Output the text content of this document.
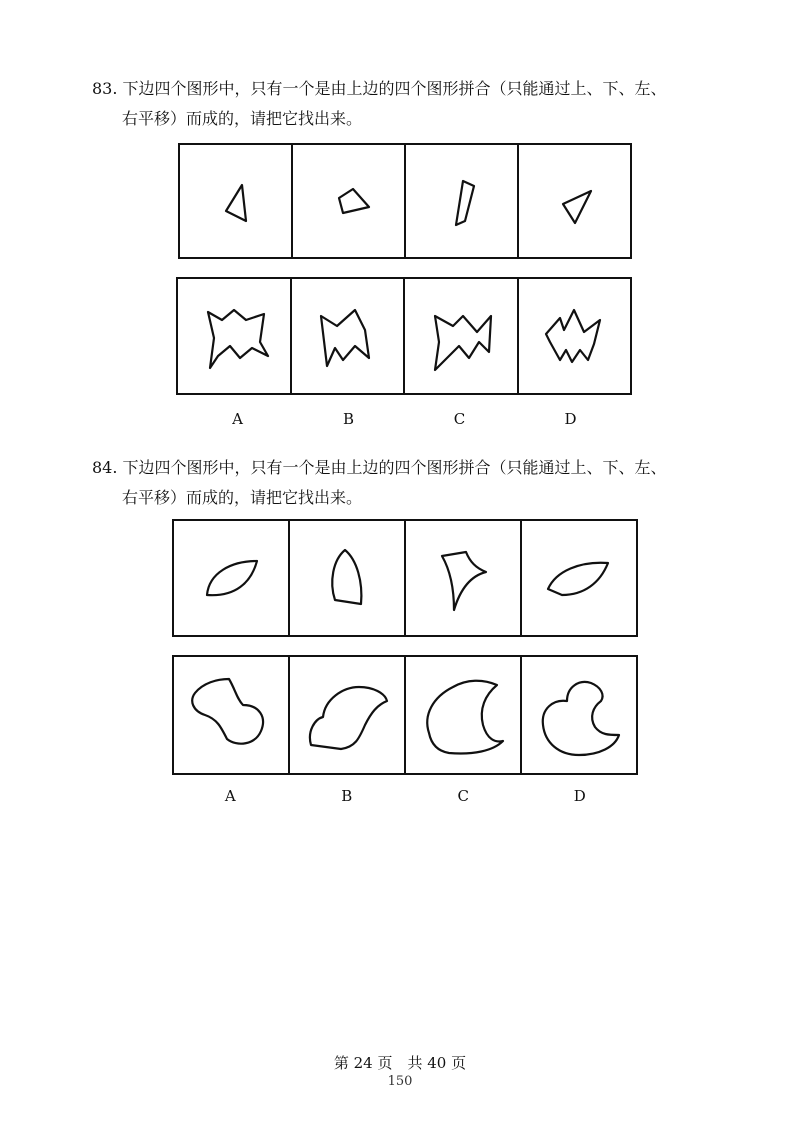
83. 下边四个图形中，只有一个是由上边的四个图形拼合（只能通过上、下、左、
右平移）而成的，请把它找出来。
A	B	C	D
84. 下边四个图形中，只有一个是由上边的四个图形拼合（只能通过上、下、左、
右平移）而成的，请把它找出来。
A	B	C	D
第 24 页　共 40 页
150
